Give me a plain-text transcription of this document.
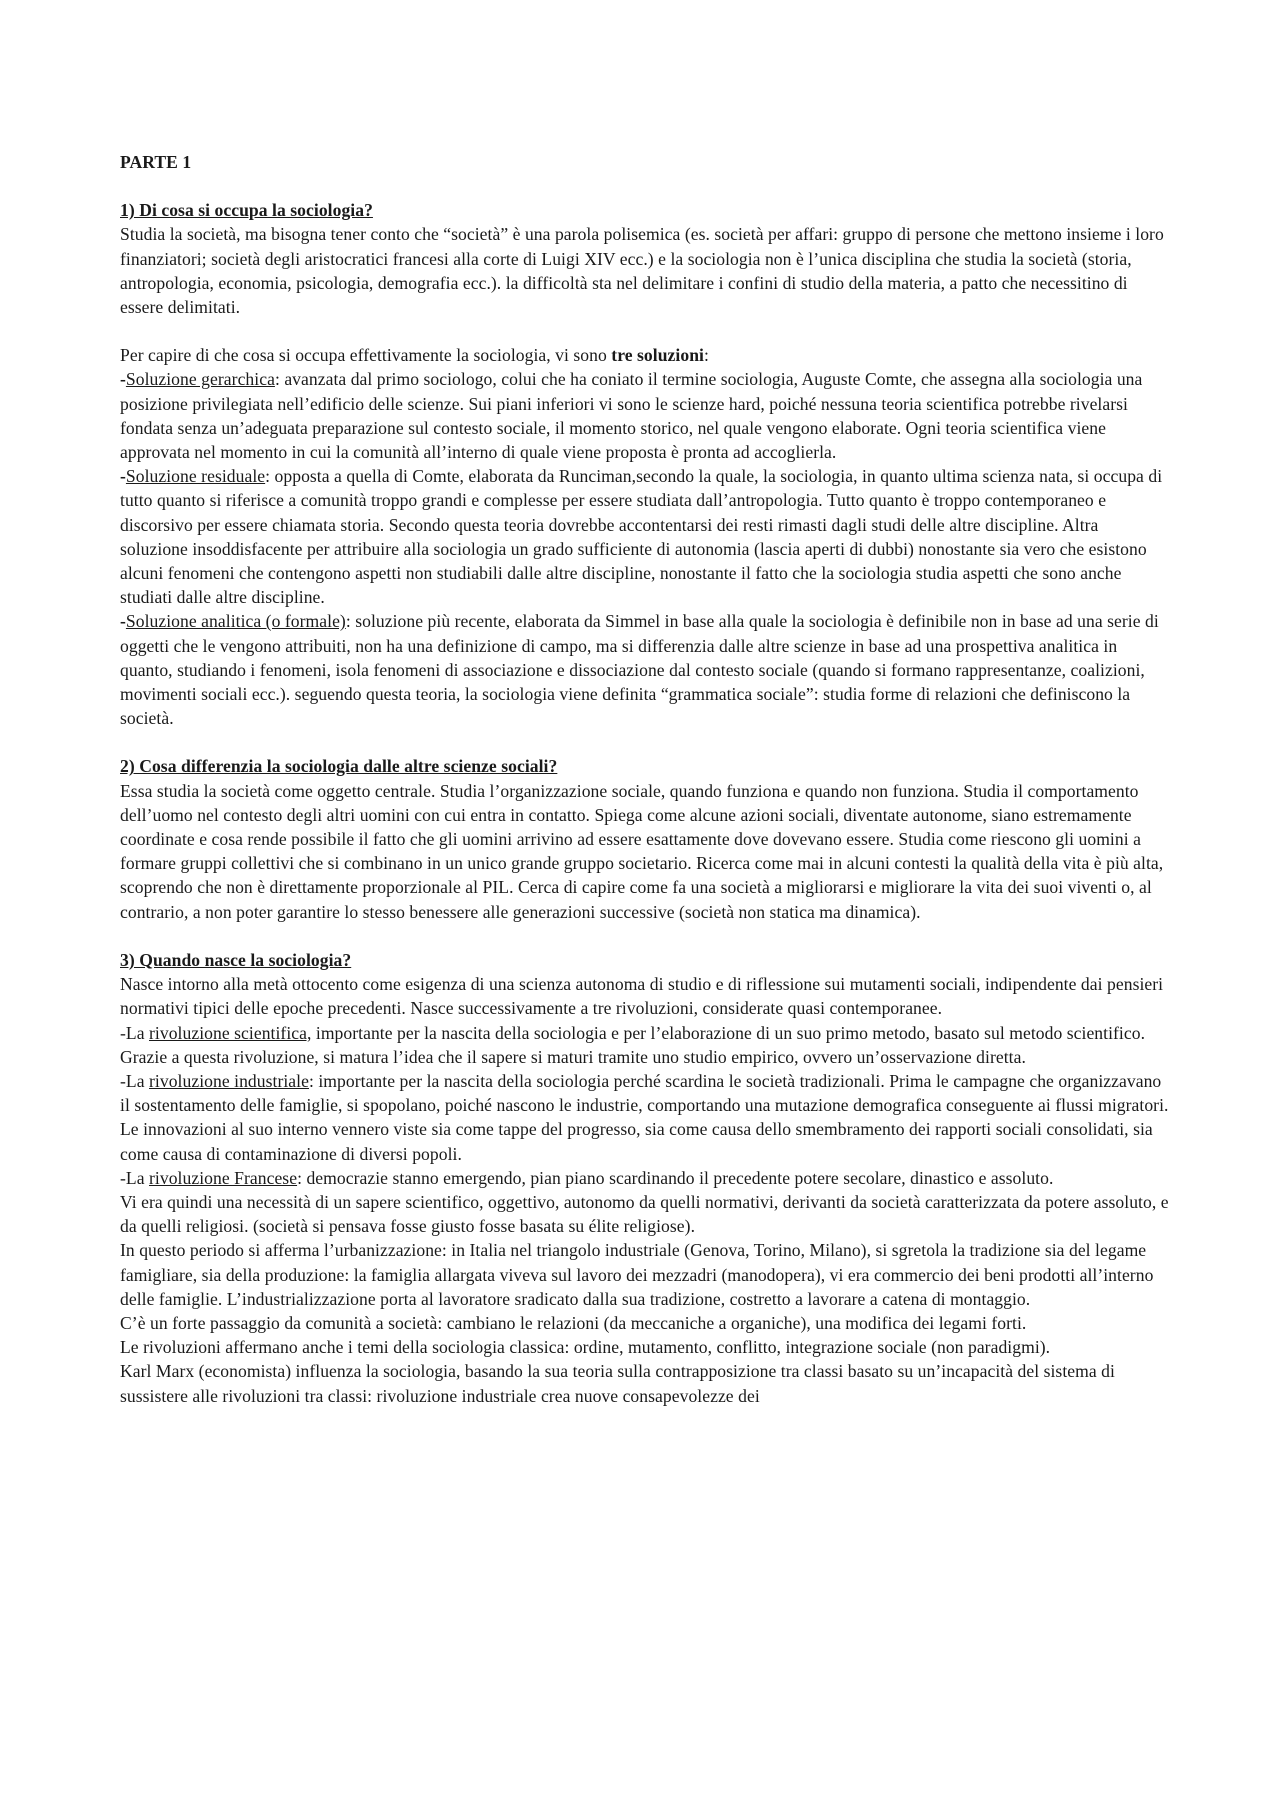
PARTE 1

1) Di cosa si occupa la sociologia?

Studia la società, ma bisogna tener conto che “società” è una parola polisemica (es. società per affari: gruppo di persone che mettono insieme i loro finanziatori; società degli aristocratici francesi alla corte di Luigi XIV ecc.) e la sociologia non è l’unica disciplina che studia la società (storia, antropologia, economia, psicologia, demografia ecc.). la difficoltà sta nel delimitare i confini di studio della materia, a patto che necessitino di essere delimitati.

Per capire di che cosa si occupa effettivamente la sociologia, vi sono tre soluzioni:

-Soluzione gerarchica: avanzata dal primo sociologo, colui che ha coniato il termine sociologia, Auguste Comte, che assegna alla sociologia una posizione privilegiata nell’edificio delle scienze. Sui piani inferiori vi sono le scienze hard, poiché nessuna teoria scientifica potrebbe rivelarsi fondata senza un’adeguata preparazione sul contesto sociale, il momento storico, nel quale vengono elaborate. Ogni teoria scientifica viene approvata nel momento in cui la comunità all’interno di quale viene proposta è pronta ad accoglierla.

-Soluzione residuale: opposta a quella di Comte, elaborata da Runciman,secondo la quale, la sociologia, in quanto ultima scienza nata, si occupa di tutto quanto si riferisce a comunità troppo grandi e complesse per essere studiata dall’antropologia. Tutto quanto è troppo contemporaneo e discorsivo per essere chiamata storia. Secondo questa teoria dovrebbe accontentarsi dei resti rimasti dagli studi delle altre discipline. Altra soluzione insoddisfacente per attribuire alla sociologia un grado sufficiente di autonomia (lascia aperti di dubbi) nonostante sia vero che esistono alcuni fenomeni che contengono aspetti non studiabili dalle altre discipline, nonostante il fatto che la sociologia studia aspetti che sono anche studiati dalle altre discipline.

-Soluzione analitica (o formale): soluzione più recente, elaborata da Simmel in base alla quale la sociologia è definibile non in base ad una serie di oggetti che le vengono attribuiti, non ha una definizione di campo, ma si differenzia dalle altre scienze in base ad una prospettiva analitica in quanto, studiando i fenomeni, isola fenomeni di associazione e dissociazione dal contesto sociale (quando si formano rappresentanze, coalizioni, movimenti sociali ecc.). seguendo questa teoria, la sociologia viene definita “grammatica sociale”: studia forme di relazioni che definiscono la società.

2) Cosa differenzia la sociologia dalle altre scienze sociali?

Essa studia la società come oggetto centrale. Studia l’organizzazione sociale, quando funziona e quando non funziona. Studia il comportamento dell’uomo nel contesto degli altri uomini con cui entra in contatto. Spiega come alcune azioni sociali, diventate autonome, siano estremamente coordinate e cosa rende possibile il fatto che gli uomini arrivino ad essere esattamente dove dovevano essere. Studia come riescono gli uomini a formare gruppi collettivi che si combinano in un unico grande gruppo societario. Ricerca come mai in alcuni contesti la qualità della vita è più alta, scoprendo che non è direttamente proporzionale al PIL. Cerca di capire come fa una società a migliorarsi e migliorare la vita dei suoi viventi o, al contrario, a non poter garantire lo stesso benessere alle generazioni successive (società non statica ma dinamica).

3) Quando nasce la sociologia?

Nasce intorno alla metà ottocento come esigenza di una scienza autonoma di studio e di riflessione sui mutamenti sociali, indipendente dai pensieri normativi tipici delle epoche precedenti. Nasce successivamente a tre rivoluzioni, considerate quasi contemporanee.

-La rivoluzione scientifica, importante per la nascita della sociologia e per l’elaborazione di un suo primo metodo, basato sul metodo scientifico. Grazie a questa rivoluzione, si matura l’idea che il sapere si maturi tramite uno studio empirico, ovvero un’osservazione diretta.

-La rivoluzione industriale: importante per la nascita della sociologia perché scardina le società tradizionali. Prima le campagne che organizzavano il sostentamento delle famiglie, si spopolano, poiché nascono le industrie, comportando una mutazione demografica conseguente ai flussi migratori. Le innovazioni al suo interno vennero viste sia come tappe del progresso, sia come causa dello smembramento dei rapporti sociali consolidati, sia come causa di contaminazione di diversi popoli.

-La rivoluzione Francese: democrazie stanno emergendo, pian piano scardinando il precedente potere secolare, dinastico e assoluto.

Vi era quindi una necessità di un sapere scientifico, oggettivo, autonomo da quelli normativi, derivanti da società caratterizzata da potere assoluto, e da quelli religiosi. (società si pensava fosse giusto fosse basata su élite religiose).

In questo periodo si afferma l’urbanizzazione: in Italia nel triangolo industriale (Genova, Torino, Milano), si sgretola la tradizione sia del legame famigliare, sia della produzione: la famiglia allargata viveva sul lavoro dei mezzadri (manodopera), vi era commercio dei beni prodotti all’interno delle famiglie. L’industrializzazione porta al lavoratore sradicato dalla sua tradizione, costretto a lavorare a catena di montaggio.

C’è un forte passaggio da comunità a società: cambiano le relazioni (da meccaniche a organiche), una modifica dei legami forti.

Le rivoluzioni affermano anche i temi della sociologia classica: ordine, mutamento, conflitto, integrazione sociale (non paradigmi).

Karl Marx (economista) influenza la sociologia, basando la sua teoria sulla contrapposizione tra classi basato su un’incapacità del sistema di sussistere alle rivoluzioni tra classi: rivoluzione industriale crea nuove consapevolezze dei
